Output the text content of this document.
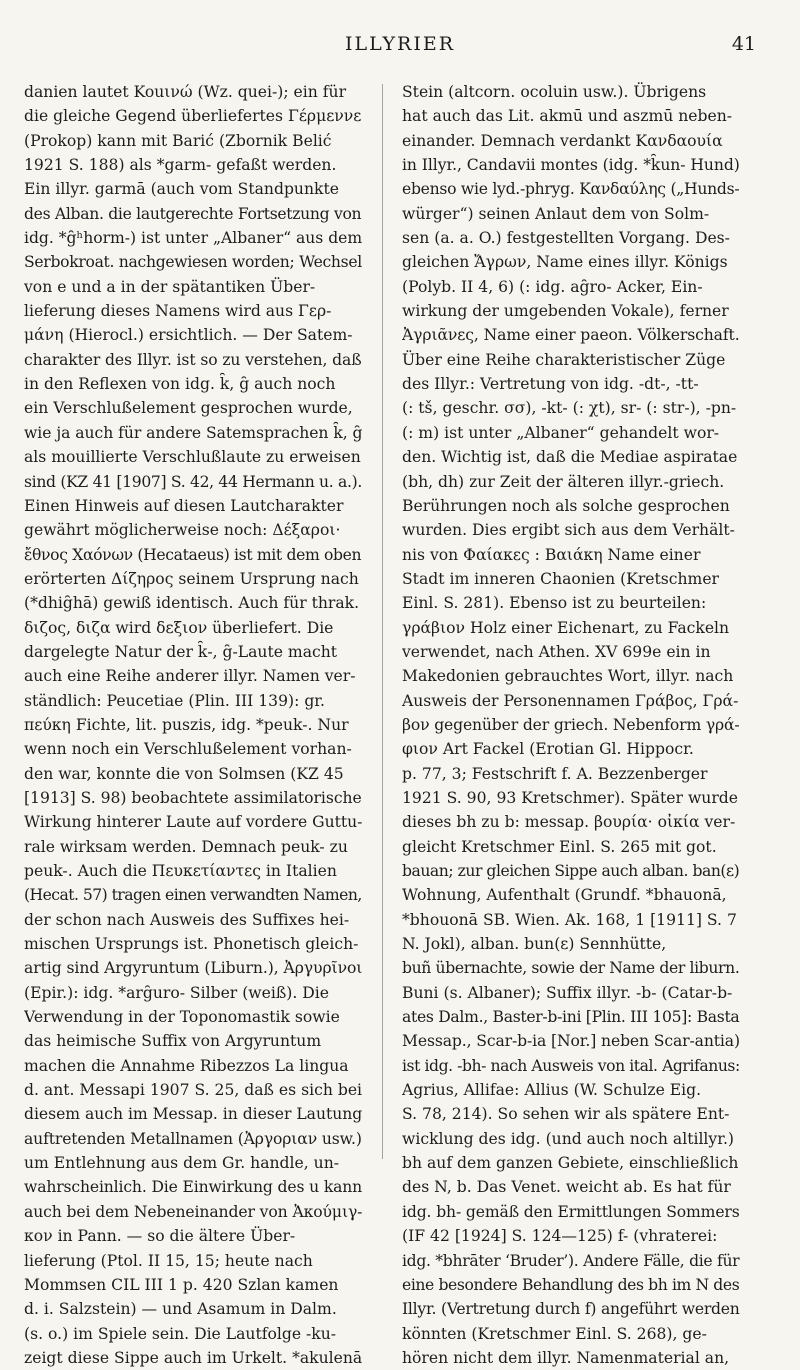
ILLYRIER	41
danien lautet Kouινώ (Wz. quei-); ein für
die gleiche Gegend überliefertes Γέρμεννε
(Prokop) kann mit Barić (Zbornik Belić
1921 S. 188) als *garm- gefaßt werden.
Ein illyr. garmā (auch vom Standpunkte
des Alban. die lautgerechte Fortsetzung von
idg. *g̑ʰhorm-) ist unter „Albaner“ aus dem
Serbokroat. nachgewiesen worden; Wechsel
von e und a in der spätantiken Über-
lieferung dieses Namens wird aus Γερ-
μάνη (Hierocl.) ersichtlich. — Der Satem-
charakter des Illyr. ist so zu verstehen, daß
in den Reflexen von idg. k̑, g̑ auch noch
ein Verschlußelement gesprochen wurde,
wie ja auch für andere Satemsprachen k̑, g̑
als mouillierte Verschlußlaute zu erweisen
sind (KZ 41 [1907] S. 42, 44 Hermann u. a.).
Einen Hinweis auf diesen Lautcharakter
gewährt möglicherweise noch: Δέξαροι·
ἔθνος Χαόνων (Hecataeus) ist mit dem oben
erörterten Δίζηρος seinem Ursprung nach
(*dhig̑hā) gewiß identisch. Auch für thrak.
διζος, διζα wird δεξιον überliefert. Die
dargelegte Natur der k̑-, g̑-Laute macht
auch eine Reihe anderer illyr. Namen ver-
ständlich: Peucetiae (Plin. III 139): gr.
πεύκη Fichte, lit. puszis, idg. *peuk-. Nur
wenn noch ein Verschlußelement vorhan-
den war, konnte die von Solmsen (KZ 45
[1913] S. 98) beobachtete assimilatorische
Wirkung hinterer Laute auf vordere Guttu-
rale wirksam werden. Demnach peuk- zu
peuk-. Auch die Πευκετίαντες in Italien
(Hecat. 57) tragen einen verwandten Namen,
der schon nach Ausweis des Suffixes hei-
mischen Ursprungs ist. Phonetisch gleich-
artig sind Argyruntum (Liburn.), Ἀργυρῖνοι
(Epir.): idg. *arg̑uro- Silber (weiß). Die
Verwendung in der Toponomastik sowie
das heimische Suffix von Argyruntum
machen die Annahme Ribezzos La lingua
d. ant. Messapi 1907 S. 25, daß es sich bei
diesem auch im Messap. in dieser Lautung
auftretenden Metallnamen (Ἀργοριαν usw.)
um Entlehnung aus dem Gr. handle, un-
wahrscheinlich. Die Einwirkung des u kann
auch bei dem Nebeneinander von Ἀκούμιγ-
κον in Pann. — so die ältere Über-
lieferung (Ptol. II 15, 15; heute nach
Mommsen CIL III 1 p. 420 Szlan kamen
d. i. Salzstein) — und Asamum in Dalm.
(s. o.) im Spiele sein. Die Lautfolge -ku-
zeigt diese Sippe auch im Urkelt. *akulenā
Stein (altcorn. ocoluin usw.). Übrigens
hat auch das Lit. akmū und aszmū neben-
einander. Demnach verdankt Κανδαουία
in Illyr., Candavii montes (idg. *k̑un- Hund)
ebenso wie lyd.-phryg. Κανδαύλης („Hunds-
würger“) seinen Anlaut dem von Solm-
sen (a. a. O.) festgestellten Vorgang. Des-
gleichen Ἄγρων, Name eines illyr. Königs
(Polyb. II 4, 6) (: idg. ag̑ro- Acker, Ein-
wirkung der umgebenden Vokale), ferner
Ἀγριᾶνες, Name einer paeon. Völkerschaft.
Über eine Reihe charakteristischer Züge
des Illyr.: Vertretung von idg. -dt-, -tt-
(: tš, geschr. σσ), -kt- (: χt), sr- (: str-), -pn-
(: m) ist unter „Albaner“ gehandelt wor-
den. Wichtig ist, daß die Mediae aspiratae
(bh, dh) zur Zeit der älteren illyr.-griech.
Berührungen noch als solche gesprochen
wurden. Dies ergibt sich aus dem Verhält-
nis von Φαίακες : Βαιάκη Name einer
Stadt im inneren Chaonien (Kretschmer
Einl. S. 281). Ebenso ist zu beurteilen:
γράβιον Holz einer Eichenart, zu Fackeln
verwendet, nach Athen. XV 699e ein in
Makedonien gebrauchtes Wort, illyr. nach
Ausweis der Personennamen Γράβος, Γρά-
βον gegenüber der griech. Nebenform γρά-
φιον Art Fackel (Erotian Gl. Hippocr.
p. 77, 3; Festschrift f. A. Bezzenberger
1921 S. 90, 93 Kretschmer). Später wurde
dieses bh zu b: messap. βουρία· οἰκία ver-
gleicht Kretschmer Einl. S. 265 mit got.
bauan; zur gleichen Sippe auch alban. ban(ε)
Wohnung, Aufenthalt (Grundf. *bhauonā,
*bhouonā SB. Wien. Ak. 168, 1 [1911] S. 7
N. Jokl), alban. bun(ε) Sennhütte,
buñ übernachte, sowie der Name der liburn.
Buni (s. Albaner); Suffix illyr. -b- (Catar-b-
ates Dalm., Baster-b-ini [Plin. III 105]: Basta
Messap., Scar-b-ia [Nor.] neben Scar-antia)
ist idg. -bh- nach Ausweis von ital. Agrifanus:
Agrius, Allifae: Allius (W. Schulze Eig.
S. 78, 214). So sehen wir als spätere Ent-
wicklung des idg. (und auch noch altillyr.)
bh auf dem ganzen Gebiete, einschließlich
des N, b. Das Venet. weicht ab. Es hat für
idg. bh- gemäß den Ermittlungen Sommers
(IF 42 [1924] S. 124—125) f- (vhraterei:
idg. *bhrāter ‘Bruder’). Andere Fälle, die für
eine besondere Behandlung des bh im N des
Illyr. (Vertretung durch f) angeführt werden
könnten (Kretschmer Einl. S. 268), ge-
hören nicht dem illyr. Namenmaterial an,
